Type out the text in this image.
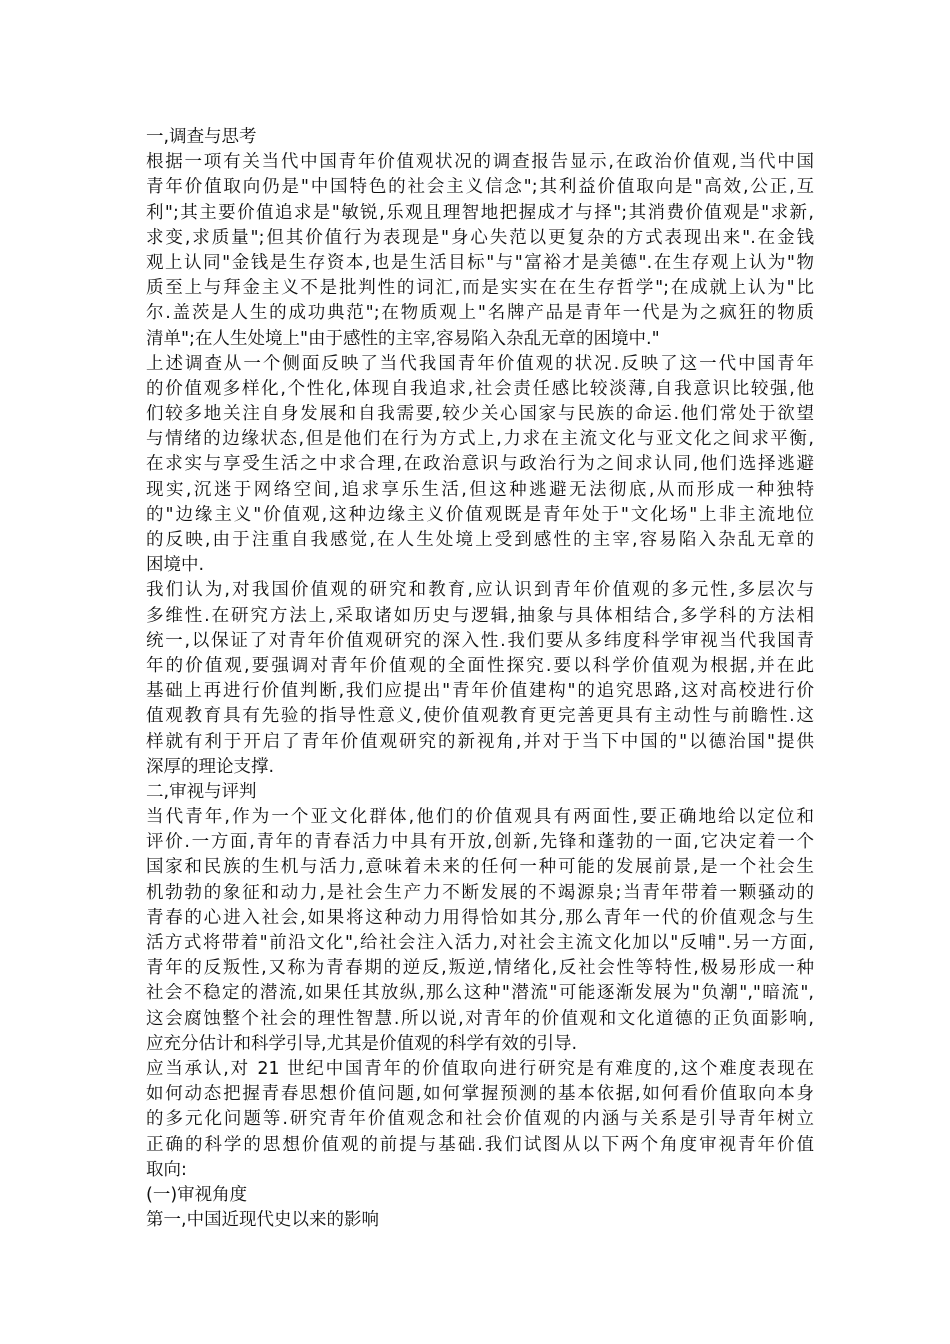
一,调查与思考
根据一项有关当代中国青年价值观状况的调查报告显示,在政治价值观,当代中国
青年价值取向仍是"中国特色的社会主义信念";其利益价值取向是"高效,公正,互
利";其主要价值追求是"敏锐,乐观且理智地把握成才与择";其消费价值观是"求新,
求变,求质量";但其价值行为表现是"身心失范以更复杂的方式表现出来".在金钱
观上认同"金钱是生存资本,也是生活目标"与"富裕才是美德".在生存观上认为"物
质至上与拜金主义不是批判性的词汇,而是实实在在生存哲学";在成就上认为"比
尔.盖茨是人生的成功典范";在物质观上"名牌产品是青年一代是为之疯狂的物质
清单";在人生处境上"由于感性的主宰,容易陷入杂乱无章的困境中."
上述调查从一个侧面反映了当代我国青年价值观的状况.反映了这一代中国青年
的价值观多样化,个性化,体现自我追求,社会责任感比较淡薄,自我意识比较强,他
们较多地关注自身发展和自我需要,较少关心国家与民族的命运.他们常处于欲望
与情绪的边缘状态,但是他们在行为方式上,力求在主流文化与亚文化之间求平衡,
在求实与享受生活之中求合理,在政治意识与政治行为之间求认同,他们选择逃避
现实,沉迷于网络空间,追求享乐生活,但这种逃避无法彻底,从而形成一种独特
的"边缘主义"价值观,这种边缘主义价值观既是青年处于"文化场"上非主流地位
的反映,由于注重自我感觉,在人生处境上受到感性的主宰,容易陷入杂乱无章的
困境中.
我们认为,对我国价值观的研究和教育,应认识到青年价值观的多元性,多层次与
多维性.在研究方法上,采取诸如历史与逻辑,抽象与具体相结合,多学科的方法相
统一,以保证了对青年价值观研究的深入性.我们要从多纬度科学审视当代我国青
年的价值观,要强调对青年价值观的全面性探究.要以科学价值观为根据,并在此
基础上再进行价值判断,我们应提出"青年价值建构"的追究思路,这对高校进行价
值观教育具有先验的指导性意义,使价值观教育更完善更具有主动性与前瞻性.这
样就有利于开启了青年价值观研究的新视角,并对于当下中国的"以德治国"提供
深厚的理论支撑.
二,审视与评判
当代青年,作为一个亚文化群体,他们的价值观具有两面性,要正确地给以定位和
评价.一方面,青年的青春活力中具有开放,创新,先锋和蓬勃的一面,它决定着一个
国家和民族的生机与活力,意味着未来的任何一种可能的发展前景,是一个社会生
机勃勃的象征和动力,是社会生产力不断发展的不竭源泉;当青年带着一颗骚动的
青春的心进入社会,如果将这种动力用得恰如其分,那么青年一代的价值观念与生
活方式将带着"前沿文化",给社会注入活力,对社会主流文化加以"反哺".另一方面,
青年的反叛性,又称为青春期的逆反,叛逆,情绪化,反社会性等特性,极易形成一种
社会不稳定的潜流,如果任其放纵,那么这种"潜流"可能逐渐发展为"负潮","暗流",
这会腐蚀整个社会的理性智慧.所以说,对青年的价值观和文化道德的正负面影响,
应充分估计和科学引导,尤其是价值观的科学有效的引导.
应当承认,对 21 世纪中国青年的价值取向进行研究是有难度的,这个难度表现在
如何动态把握青春思想价值问题,如何掌握预测的基本依据,如何看价值取向本身
的多元化问题等.研究青年价值观念和社会价值观的内涵与关系是引导青年树立
正确的科学的思想价值观的前提与基础.我们试图从以下两个角度审视青年价值
取向:
(一)审视角度
第一,中国近现代史以来的影响
